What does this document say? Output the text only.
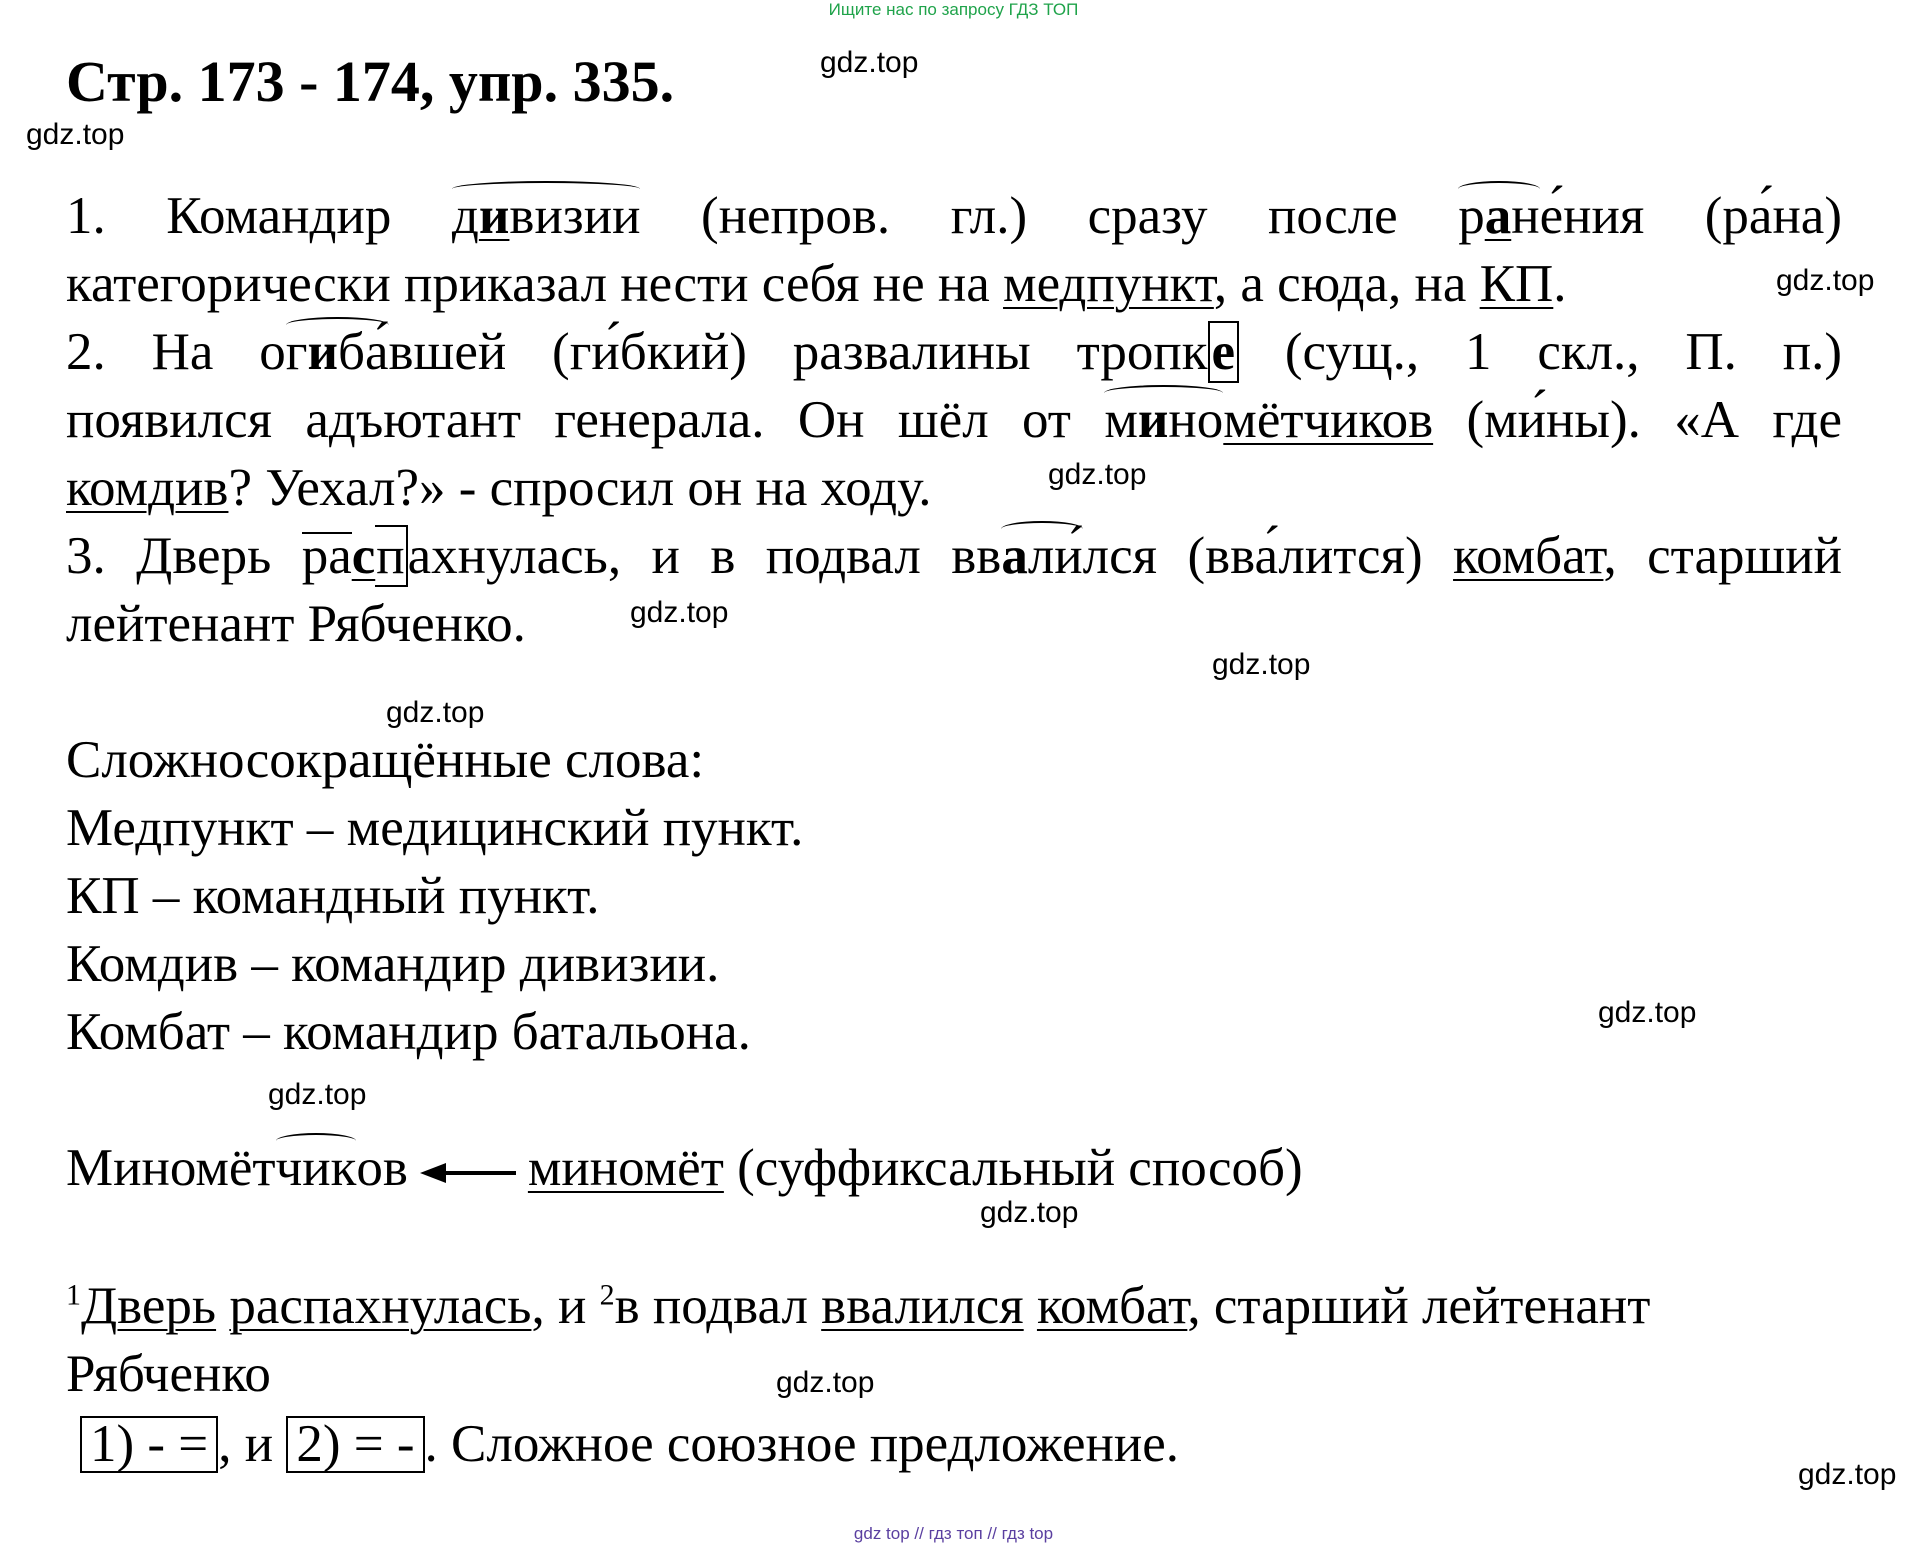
Ищите нас по запросу ГДЗ ТОП
Стр. 173 - 174, упр. 335.	gdz.top
gdz.top
gdz.top
gdz.top
gdz.top
gdz.top
gdz.top
gdz.top
gdz.top
gdz.top
gdz.top
gdz.top
1. Командир дивизии (непров. гл.) сразу после ране́ния (ра́на)
категорически приказал нести себя не на медпункт, а сюда, на КП.
2. На огиба́вшей (ги́бкий) развалины тропке (сущ., 1 скл., П. п.)
появился адъютант генерала. Он шёл от миномётчиков (ми́ны). «А где
комдив? Уехал?» - спросил он на ходу.
3. Дверь распахнулась, и в подвал ввали́лся (вва́лится) комбат, старший
лейтенант Рябченко.
Сложносокращённые слова:
Медпункт – медицинский пункт.
КП – командный пункт.
Комдив – командир дивизии.
Комбат – командир батальона.
Миномётчиков миномёт (суффиксальный способ)
$^1$Дверь распахнулась, и $^2$в подвал ввалился комбат, старший лейтенант
Рябченко
1) - = , и 2) = - . Сложное союзное предложение.
gdz top // гдз топ // гдз top
